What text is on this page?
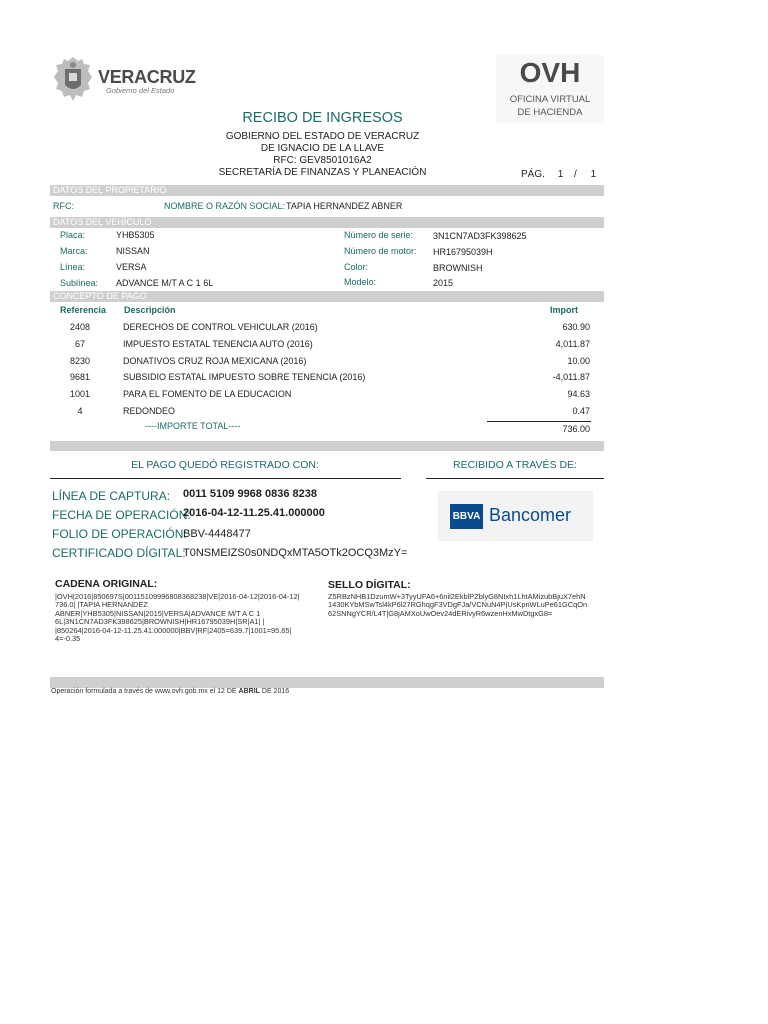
VERACRUZ
Gobierno del Estado
OVH
OFICINA VIRTUAL
DE HACIENDA
RECIBO DE INGRESOS
GOBIERNO DEL ESTADO DE VERACRUZ
DE IGNACIO DE LA LLAVE
RFC: GEV8501016A2
SECRETARÍA DE FINANZAS Y PLANEACIÓN	PÁG. 1 / 1
DATOS DEL PROPIETARIO
RFC:	NOMBRE O RAZÓN SOCIAL: TAPIA HERNANDEZ ABNER
DATOS DEL VEHÍCULO
Placa:	YHB5305
Marca:	NISSAN
Línea:	VERSA
Sublínea: ADVANCE M/T A C 1 6L
Número de serie: 3N1CN7AD3FK398625
Número de motor: HR16795039H
Color:	BROWNISH
Modelo:	2015
CONCEPTO DE PAGO
Referencia Descripción	Import
2408	DERECHOS DE CONTROL VEHICULAR (2016)	630.90
67	IMPUESTO ESTATAL TENENCIA AUTO (2016)	4,011.87
8230	DONATIVOS CRUZ ROJA MEXICANA (2016)	10.00
9681	SUBSIDIO ESTATAL IMPUESTO SOBRE TENENCIA (2016)	-4,011.87
1001	PARA EL FOMENTO DE LA EDUCACION	94.63
4	REDONDEO	0.47
----IMPORTE TOTAL----	736.00
EL PAGO QUEDÓ REGISTRADO CON:	RECIBIDO A TRAVÉS DE:
LÍNEA DE CAPTURA: 0011 5109 9968 0836 8238
FECHA DE OPERACIÓN:
2016-04-12-11.25.41.000000
FOLIO DE OPERACIÓN:
BBV-4448477
CERTIFICADO DÍGITAL:
T0NSMEIZS0s0NDQxMTA5OTk2OCQ3MzY=
BBVA Bancomer
CADENA ORIGINAL:
|OVH|2016|850697S|00115109996808368238|VE|2016-04-12|2016-04-12|
736.0| |TAPIA HERNANDEZ
ABNER|YHB5305|NISSAN|2015|VERSA|ADVANCE M/T A C 1
6L|3N1CN7AD3FK398625|BROWNISH|HR16795039H|SR|A1| |
|850264|2016-04-12-11.25.41.000000|BBV|RF|2405=639.7|1001=95.65|
4=-0.35
SELLO DÍGITAL:
Z5RBzNHB1DzumW+3TyyUFA6+6nil2EkblPZblyG8NIxh1LhtAMizubBjuX7ehN
1430KYbMSwTsl4kP6l27RGhqgF3VDgFJa/VCNuN4P|UsKpnWLuPe61GCqOn
62SNNgYCR/L4T|G8jAMXoUwOev24dERivyR6wzenHxMwDtgxG8=
Operación formulada a través de www.ovh.gob.mx el 12 DE ABRIL DE 2016
